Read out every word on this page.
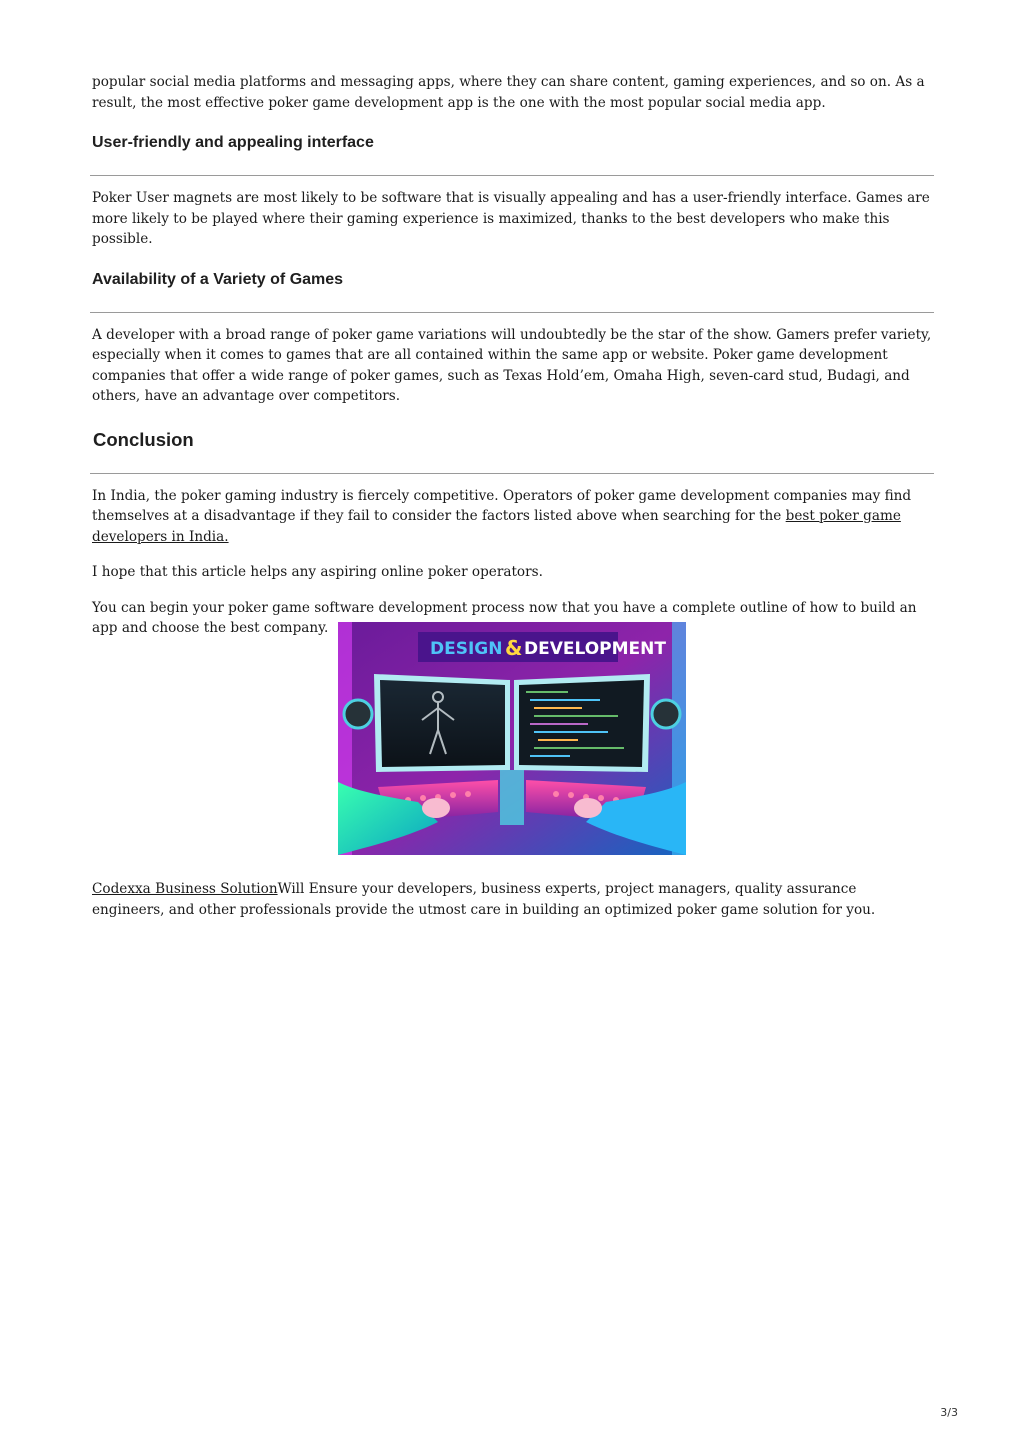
popular social media platforms and messaging apps, where they can share content, gaming experiences, and so on. As a result, the most effective poker game development app is the one with the most popular social media app.

User-friendly and appealing interface

Poker User magnets are most likely to be software that is visually appealing and has a user-friendly interface. Games are more likely to be played where their gaming experience is maximized, thanks to the best developers who make this possible.

Availability of a Variety of Games

A developer with a broad range of poker game variations will undoubtedly be the star of the show. Gamers prefer variety, especially when it comes to games that are all contained within the same app or website. Poker game development companies that offer a wide range of poker games, such as Texas Hold’em, Omaha High, seven-card stud, Budagi, and others, have an advantage over competitors.

Conclusion

In India, the poker gaming industry is fiercely competitive. Operators of poker game development companies may find themselves at a disadvantage if they fail to consider the factors listed above when searching for the best poker game developers in India.

I hope that this article helps any aspiring online poker operators.

You can begin your poker game software development process now that you have a complete outline of how to build an app and choose the best company.

DESIGN & DEVELOPMENT

Codexxa Business SolutionWill Ensure your developers, business experts, project managers, quality assurance engineers, and other professionals provide the utmost care in building an optimized poker game solution for you.

3/3
